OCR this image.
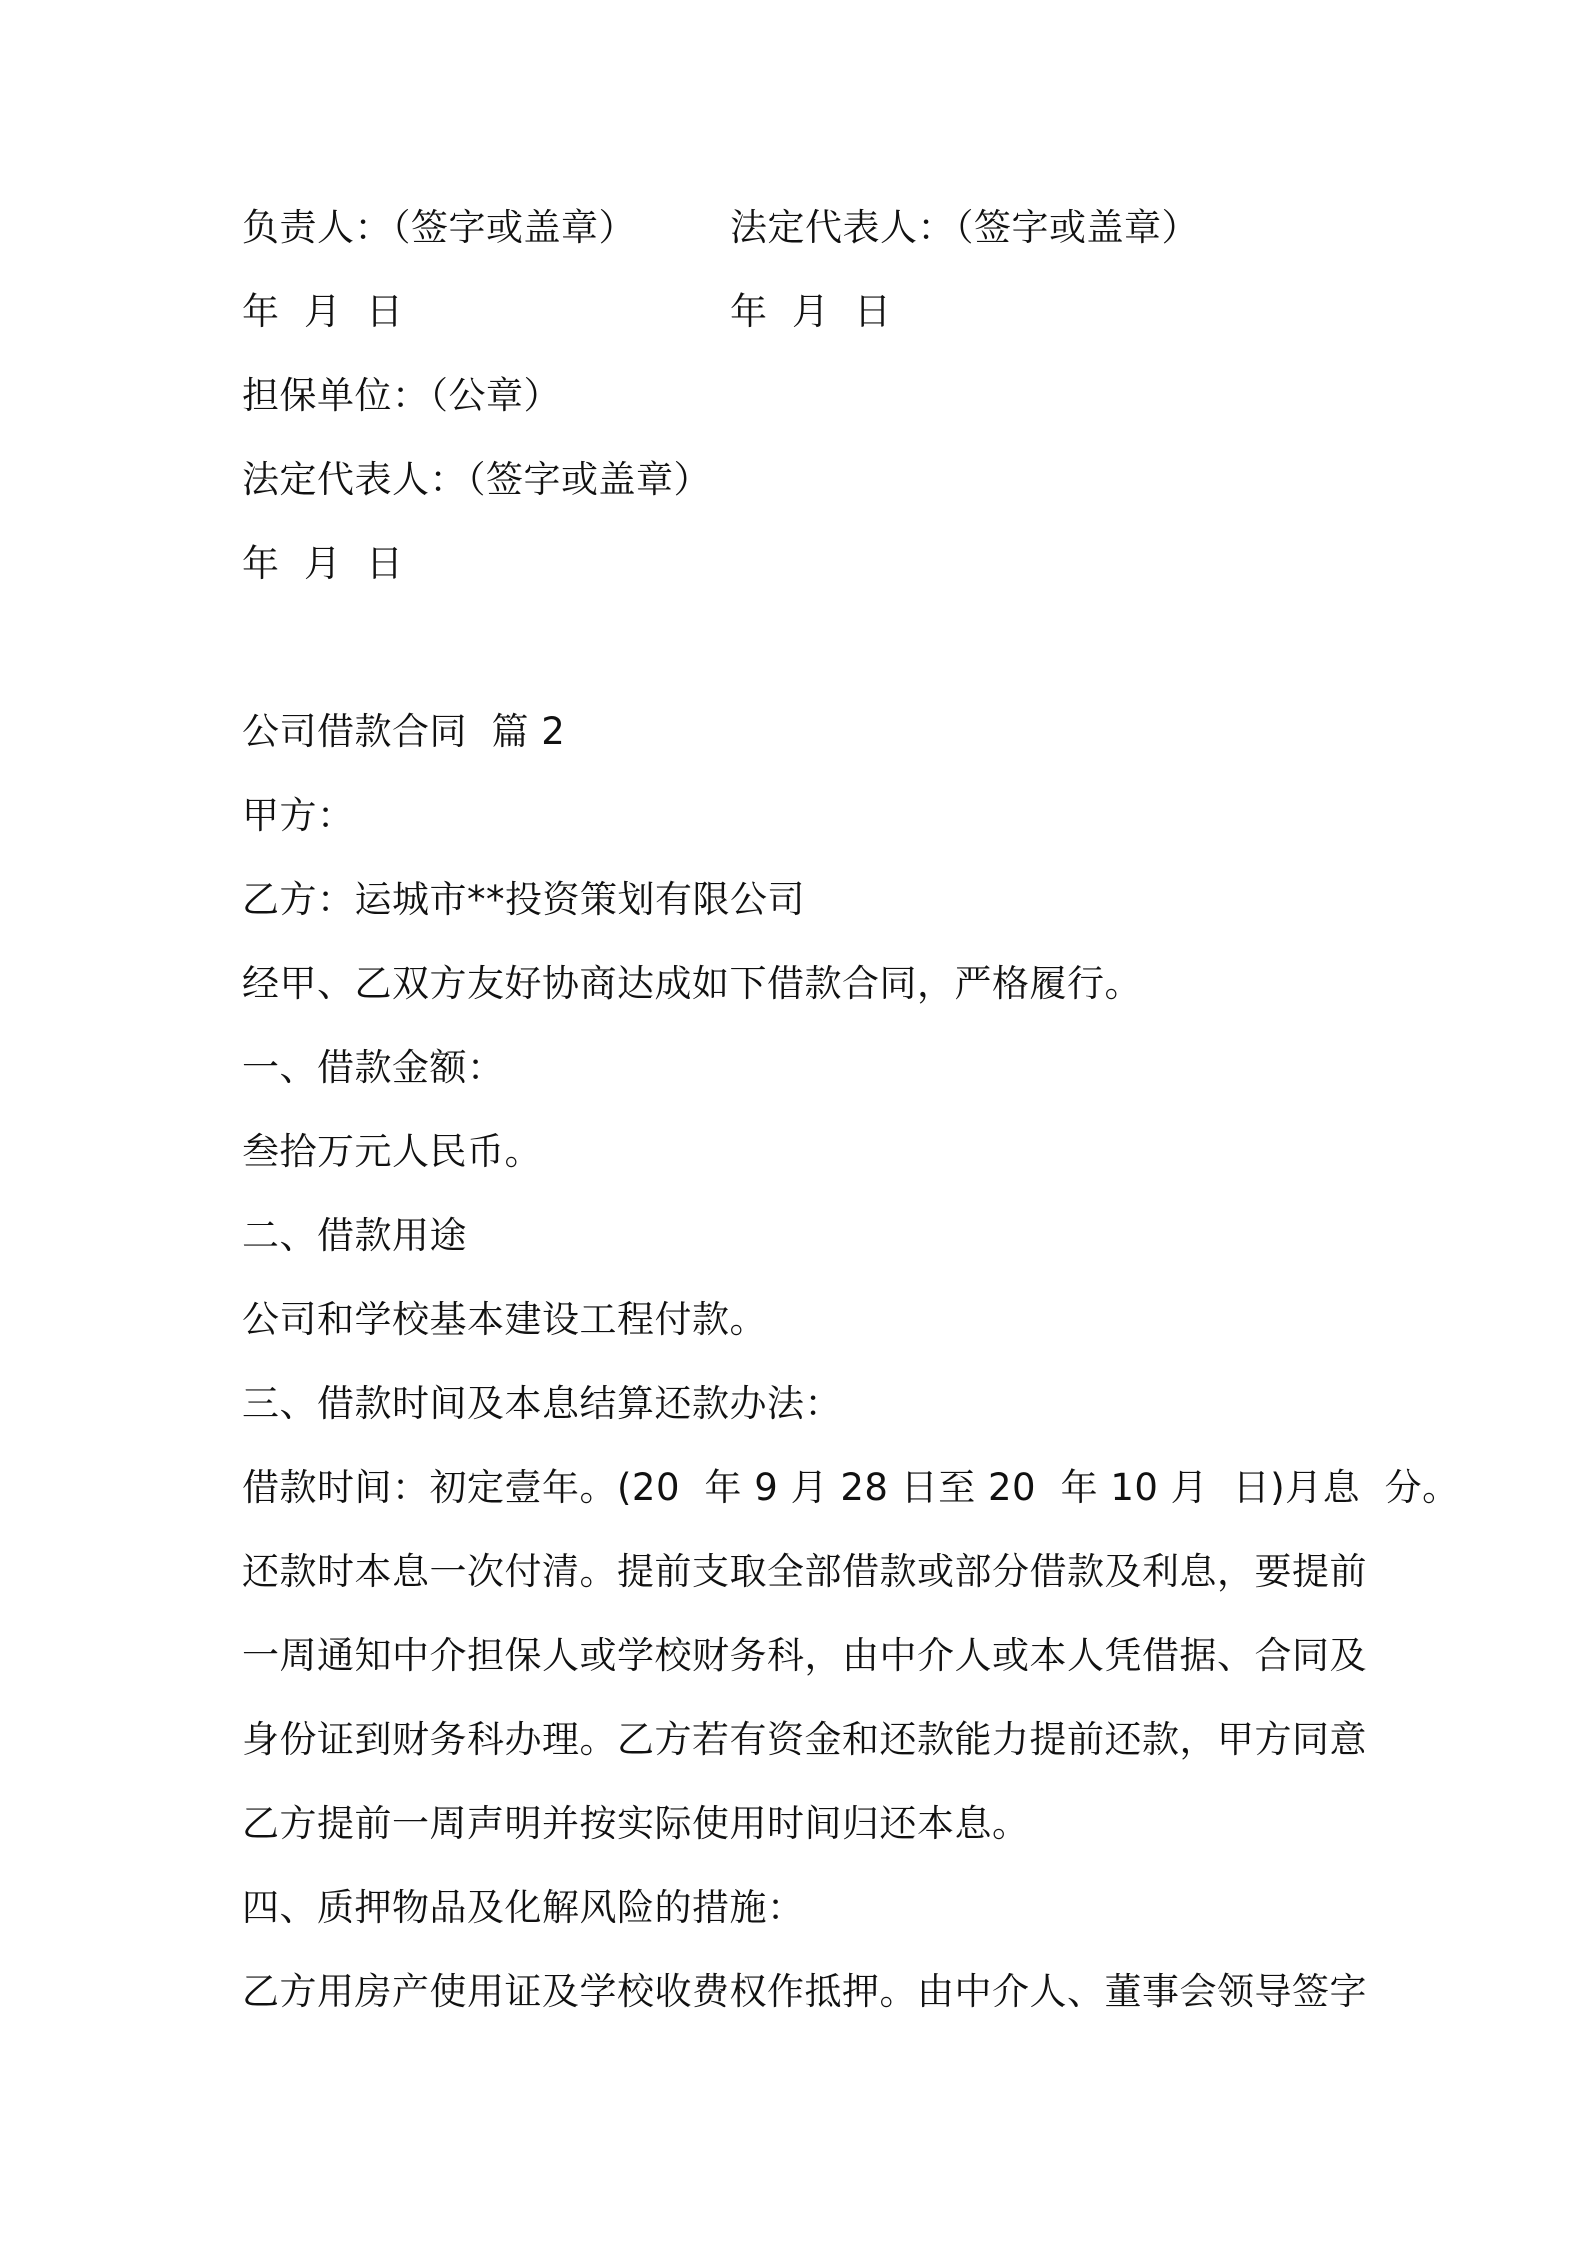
负责人：（签字或盖章）	法定代表人：（签字或盖章）
年  月  日	年  月  日
担保单位：（公章）
法定代表人：（签字或盖章）
年  月  日
公司借款合同  篇 2
甲方：
乙方：运城市**投资策划有限公司
经甲、乙双方友好协商达成如下借款合同，严格履行。
一、借款金额：
叁拾万元人民币。
二、借款用途
公司和学校基本建设工程付款。
三、借款时间及本息结算还款办法：
借款时间：初定壹年。(20  年 9 月 28 日至 20  年 10 月  日)月息  分。
还款时本息一次付清。提前支取全部借款或部分借款及利息，要提前
一周通知中介担保人或学校财务科，由中介人或本人凭借据、合同及
身份证到财务科办理。乙方若有资金和还款能力提前还款，甲方同意
乙方提前一周声明并按实际使用时间归还本息。
四、质押物品及化解风险的措施：
乙方用房产使用证及学校收费权作抵押。由中介人、董事会领导签字
